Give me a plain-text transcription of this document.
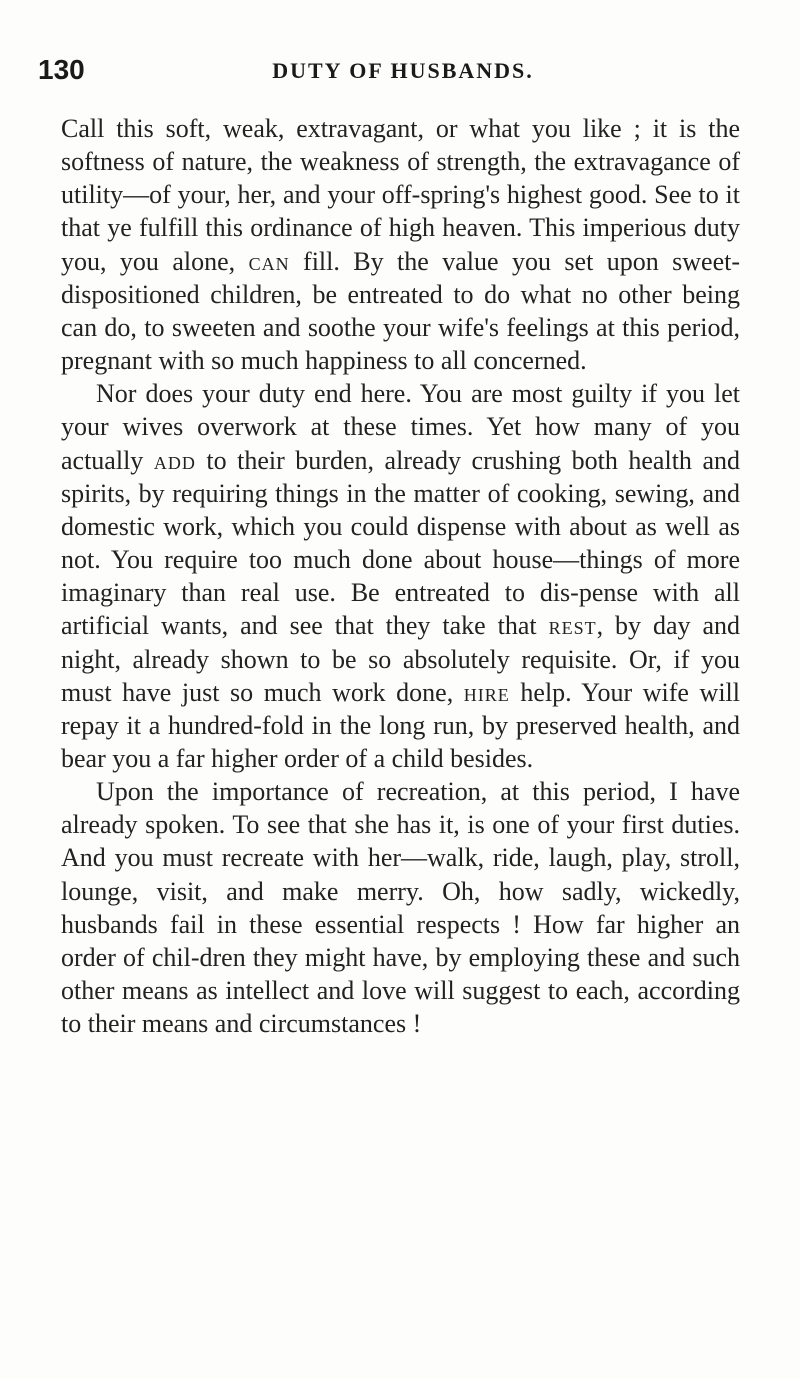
130	DUTY OF HUSBANDS.

Call this soft, weak, extravagant, or what you like ; it is the softness of nature, the weakness of strength, the extravagance of utility—of your, her, and your off-spring's highest good. See to it that ye fulfill this ordinance of high heaven. This imperious duty you, you alone, can fill. By the value you set upon sweet-dispositioned children, be entreated to do what no other being can do, to sweeten and soothe your wife's feelings at this period, pregnant with so much happiness to all concerned.

Nor does your duty end here. You are most guilty if you let your wives overwork at these times. Yet how many of you actually add to their burden, already crushing both health and spirits, by requiring things in the matter of cooking, sewing, and domestic work, which you could dispense with about as well as not. You require too much done about house—things of more imaginary than real use. Be entreated to dis-pense with all artificial wants, and see that they take that rest, by day and night, already shown to be so absolutely requisite. Or, if you must have just so much work done, hire help. Your wife will repay it a hundred-fold in the long run, by preserved health, and bear you a far higher order of a child besides.

Upon the importance of recreation, at this period, I have already spoken. To see that she has it, is one of your first duties. And you must recreate with her—walk, ride, laugh, play, stroll, lounge, visit, and make merry. Oh, how sadly, wickedly, husbands fail in these essential respects ! How far higher an order of chil-dren they might have, by employing these and such other means as intellect and love will suggest to each, according to their means and circumstances !
